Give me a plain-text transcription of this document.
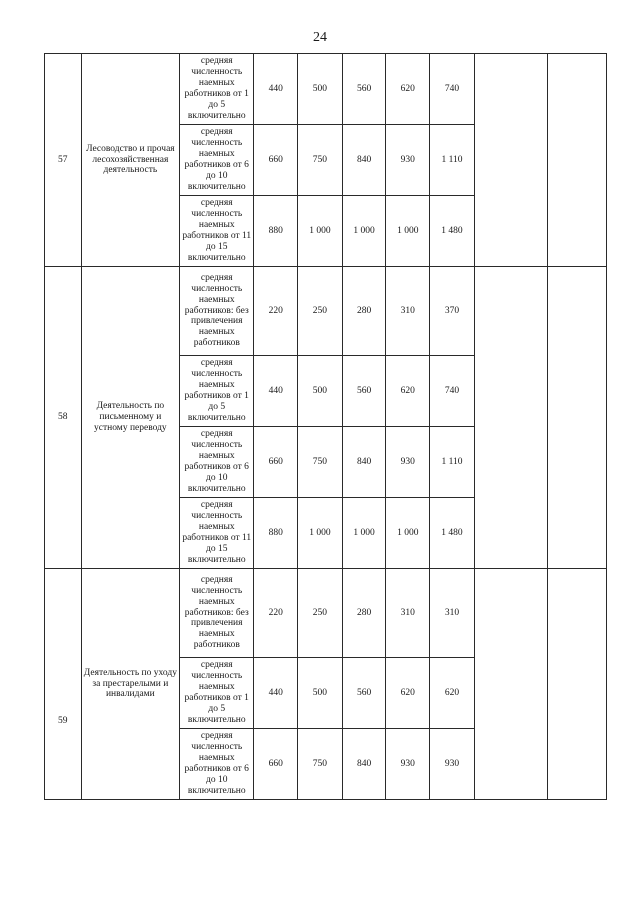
24
57	Лесоводство и прочая лесохозяйственная деятельность	средняя численность наемных работников от 1 до 5 включительно	440	500	560	620	740		
		средняя численность наемных работников от 6 до 10 включительно	660	750	840	930	1 110		
		средняя численность наемных работников от 11 до 15 включительно	880	1 000	1 000	1 000	1 480		
58	Деятельность по письменному и устному переводу	средняя численность наемных работников: без привлечения наемных работников	220	250	280	310	370		
		средняя численность наемных работников от 1 до 5 включительно	440	500	560	620	740		
		средняя численность наемных работников от 6 до 10 включительно	660	750	840	930	1 110		
		средняя численность наемных работников от 11 до 15 включительно	880	1 000	1 000	1 000	1 480		
59	Деятельность по уходу за престарелыми и инвалидами	средняя численность наемных работников: без привлечения наемных работников	220	250	280	310	310		
		средняя численность наемных работников от 1 до 5 включительно	440	500	560	620	620		
		средняя численность наемных работников от 6 до 10 включительно	660	750	840	930	930		
